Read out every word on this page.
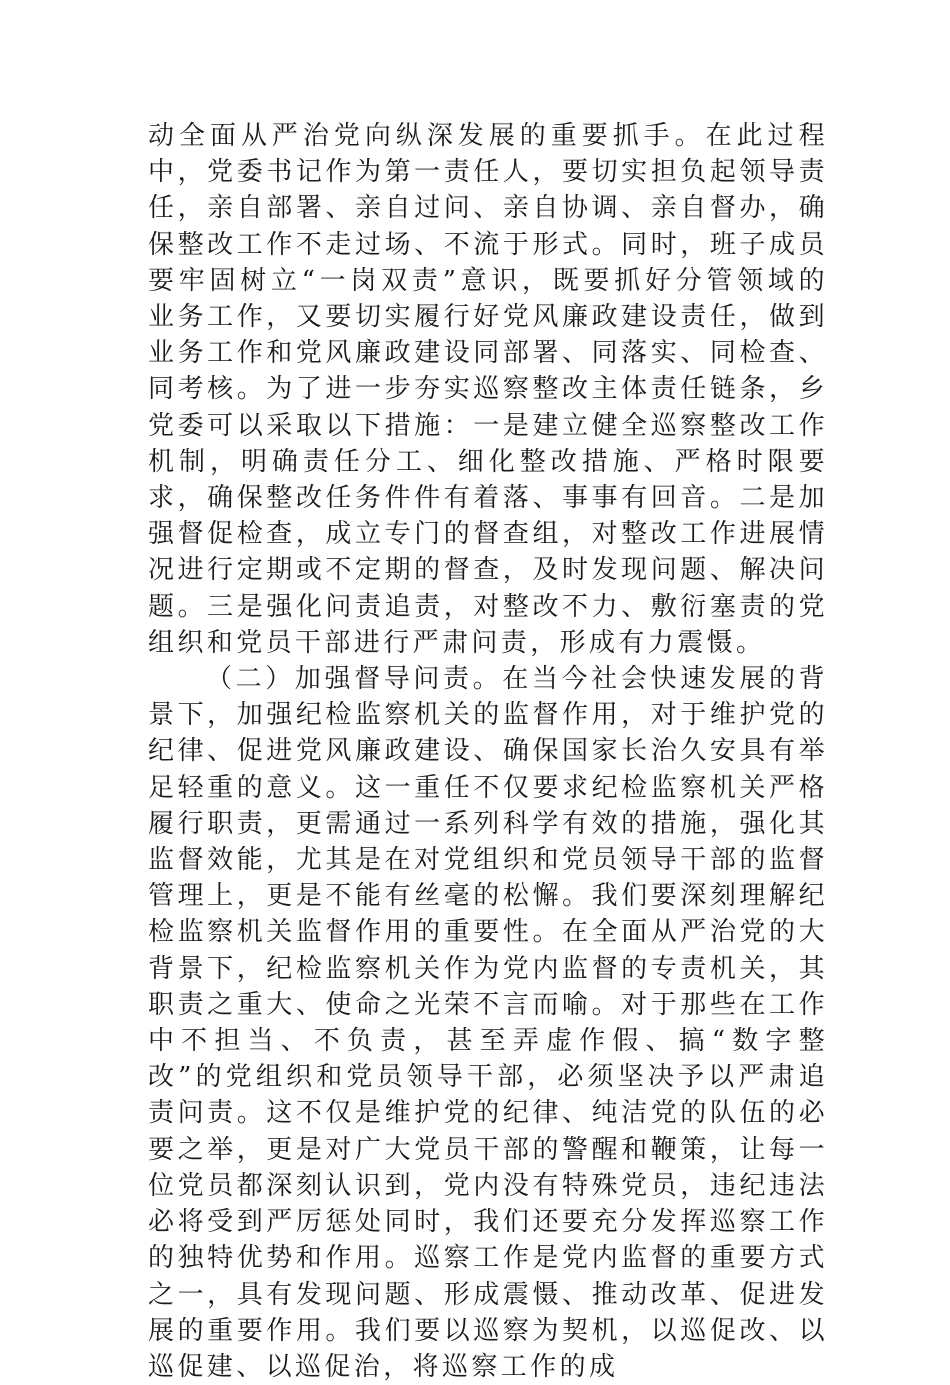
动全面从严治党向纵深发展的重要抓手。在此过程中，党委书记作为第一责任人，要切实担负起领导责任，亲自部署、亲自过问、亲自协调、亲自督办，确保整改工作不走过场、不流于形式。同时，班子成员要牢固树立“一岗双责”意识，既要抓好分管领域的业务工作，又要切实履行好党风廉政建设责任，做到业务工作和党风廉政建设同部署、同落实、同检查、同考核。为了进一步夯实巡察整改主体责任链条，乡党委可以采取以下措施：一是建立健全巡察整改工作机制，明确责任分工、细化整改措施、严格时限要求，确保整改任务件件有着落、事事有回音。二是加强督促检查，成立专门的督查组，对整改工作进展情况进行定期或不定期的督查，及时发现问题、解决问题。三是强化问责追责，对整改不力、敷衍塞责的党组织和党员干部进行严肃问责，形成有力震慑。

（二）加强督导问责。在当今社会快速发展的背景下，加强纪检监察机关的监督作用，对于维护党的纪律、促进党风廉政建设、确保国家长治久安具有举足轻重的意义。这一重任不仅要求纪检监察机关严格履行职责，更需通过一系列科学有效的措施，强化其监督效能，尤其是在对党组织和党员领导干部的监督管理上，更是不能有丝毫的松懈。我们要深刻理解纪检监察机关监督作用的重要性。在全面从严治党的大背景下，纪检监察机关作为党内监督的专责机关，其职责之重大、使命之光荣不言而喻。对于那些在工作中不担当、不负责，甚至弄虚作假、搞“数字整改”的党组织和党员领导干部，必须坚决予以严肃追责问责。这不仅是维护党的纪律、纯洁党的队伍的必要之举，更是对广大党员干部的警醒和鞭策，让每一位党员都深刻认识到，党内没有特殊党员，违纪违法必将受到严厉惩处同时，我们还要充分发挥巡察工作的独特优势和作用。巡察工作是党内监督的重要方式之一，具有发现问题、形成震慑、推动改革、促进发展的重要作用。我们要以巡察为契机，以巡促改、以巡促建、以巡促治，将巡察工作的成
